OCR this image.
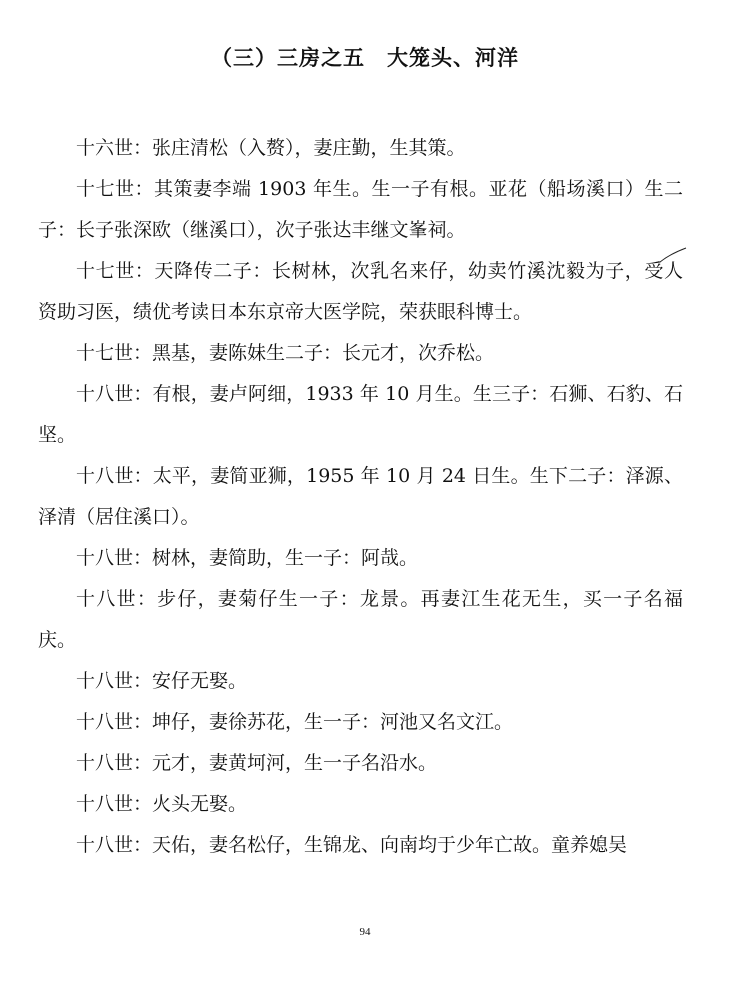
（三）三房之五　大笼头、河洋

十六世：张庄清松（入赘），妻庄勤，生其策。

十七世：其策妻李端 1903 年生。生一子有根。亚花（船场溪口）生二子：长子张深欧（继溪口），次子张达丰继文峯祠。

十七世：天降传二子：长树林，次乳名来仔，幼卖竹溪沈毅为子，受人资助习医，绩优考读日本东京帝大医学院，荣获眼科博士。

十七世：黑基，妻陈妹生二子：长元才，次乔松。

十八世：有根，妻卢阿细，1933 年 10 月生。生三子：石狮、石豹、石坚。

十八世：太平，妻简亚狮，1955 年 10 月 24 日生。生下二子：泽源、泽清（居住溪口）。

十八世：树林，妻简助，生一子：阿哉。

十八世：步仔，妻菊仔生一子：龙景。再妻江生花无生，买一子名福庆。

十八世：安仔无娶。

十八世：坤仔，妻徐苏花，生一子：河池又名文江。

十八世：元才，妻黄坷河，生一子名沿水。

十八世：火头无娶。

十八世：天佑，妻名松仔，生锦龙、向南均于少年亡故。童养媳吴

94
